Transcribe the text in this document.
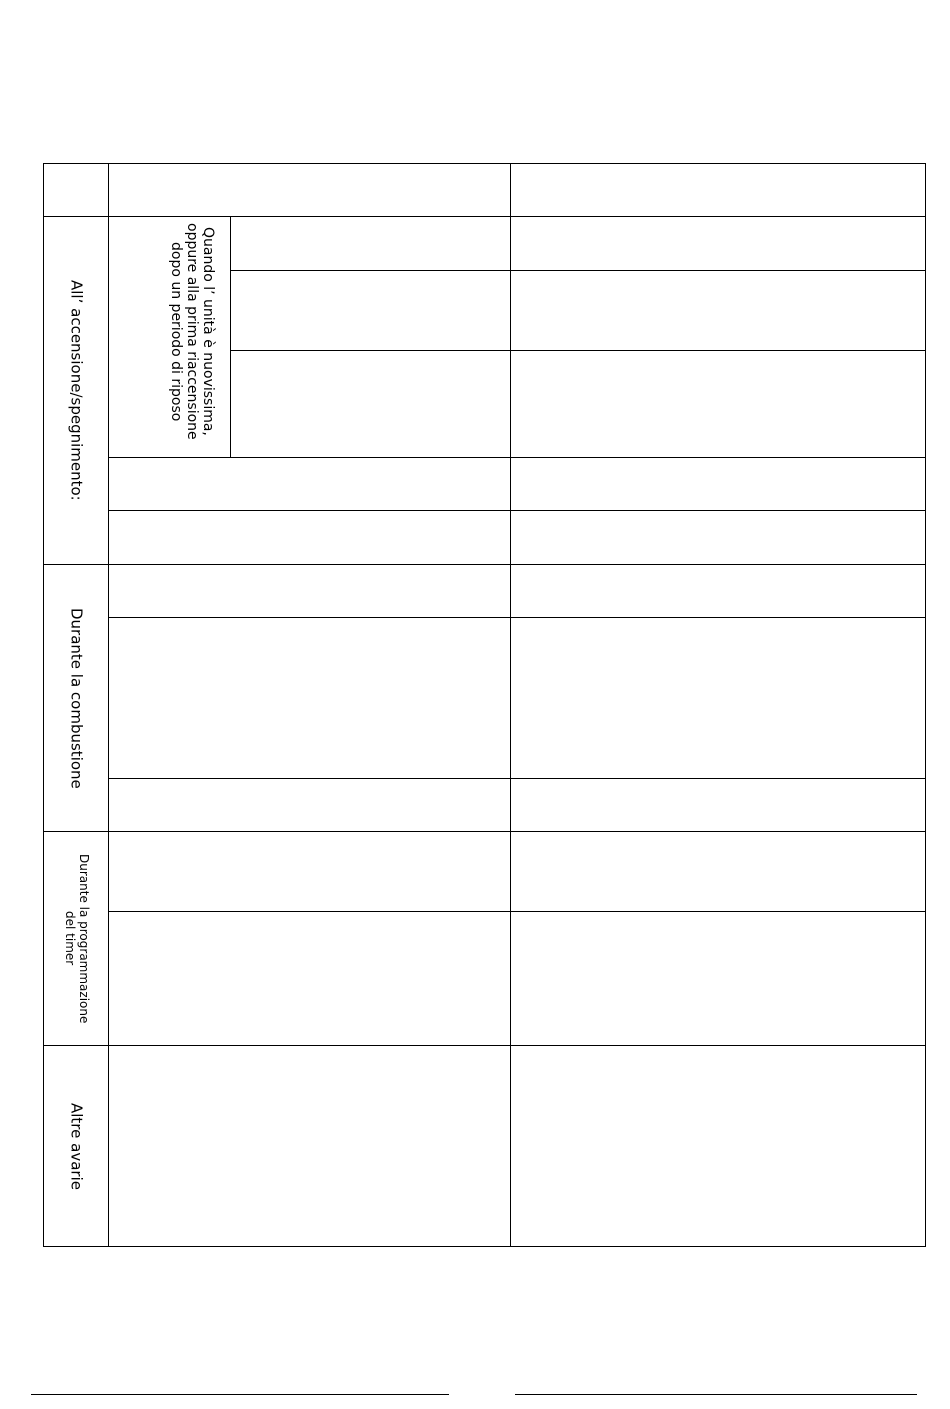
All’ accensione/spegnimento:
Quando l’ unità è nuovissima,
oppure alla prima riaccensione
dopo un periodo di riposo
Durante la combustione
Durante la programmazione
del timer
Altre avarie
